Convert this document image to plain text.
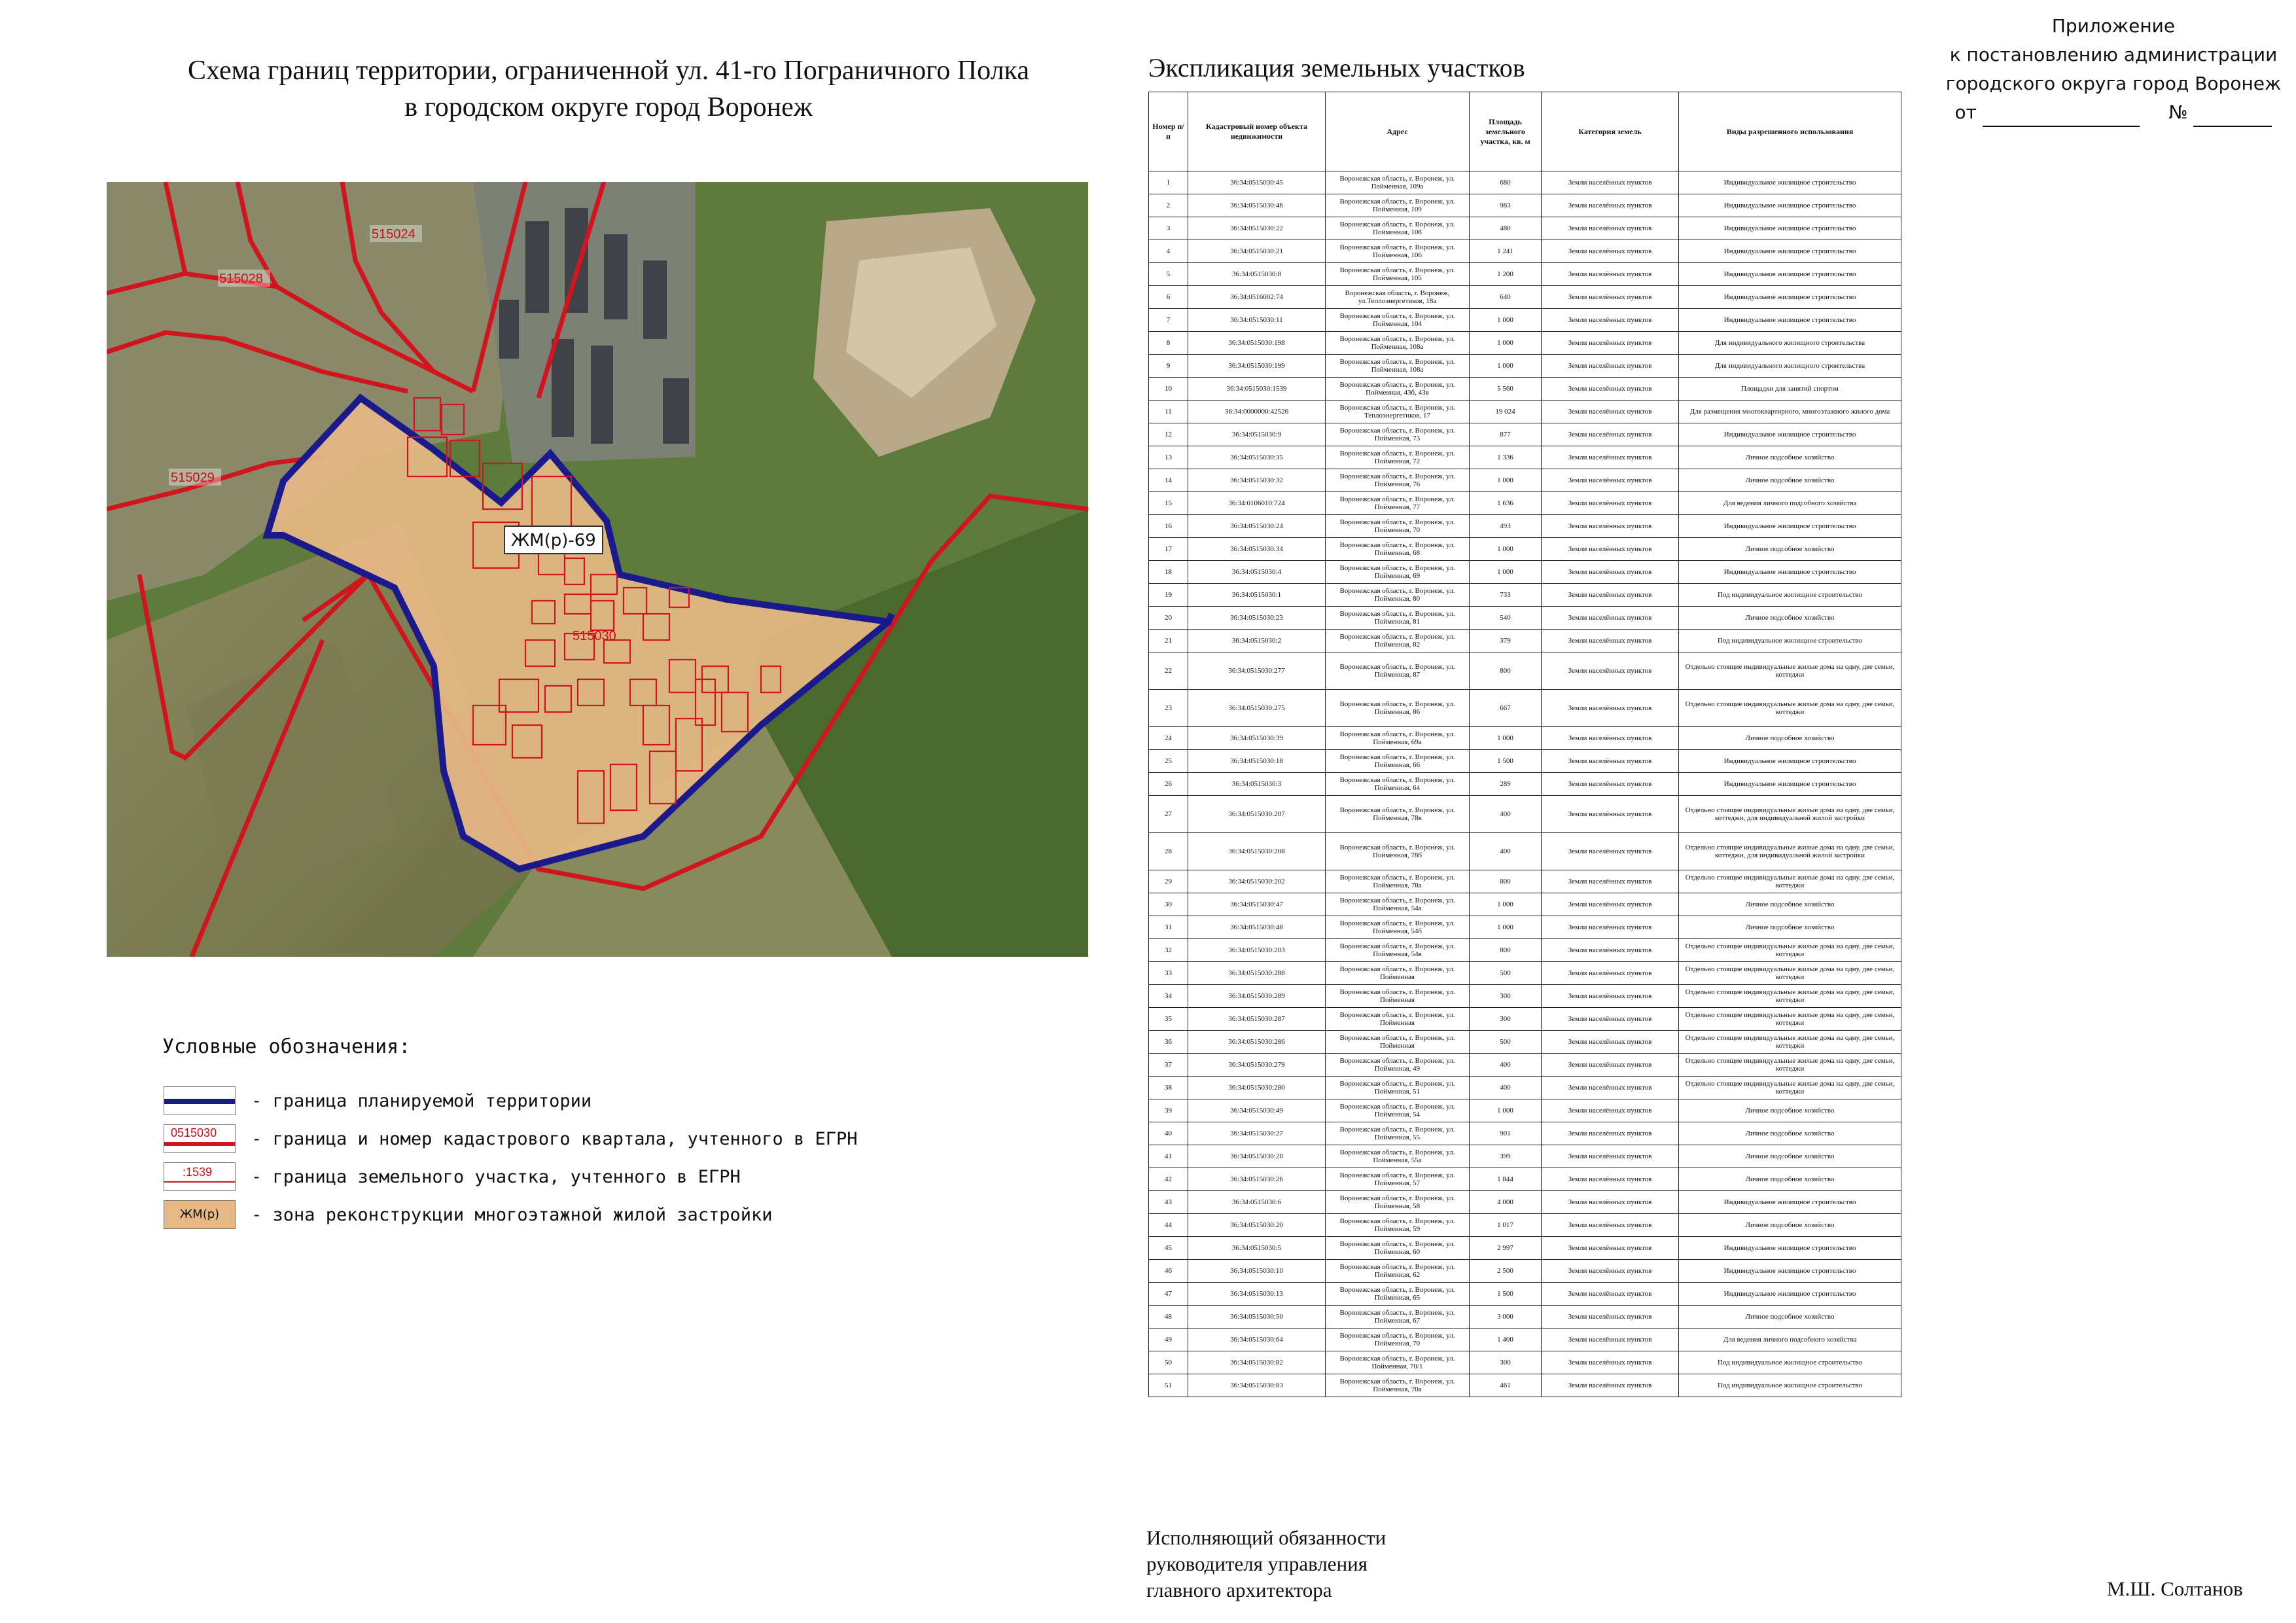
Схема границ территории, ограниченной ул. 41-го Пограничного Полка
в городском округе город Воронеж
Приложение
к постановлению администрации
городского округа город Воронеж
от	№
515024
515028
515029
515030
ЖМ(р)-69
Условные обозначения:
- граница планируемой территории
0515030 - граница и номер кадастрового квартала, учтенного в ЕГРН
:1539 - граница земельного участка, учтенного в ЕГРН
ЖМ(р)	- зона реконструкции многоэтажной жилой застройки
Экспликация земельных участков
Номер п/п	Кадастровый номер объекта недвижимости	Адрес	Площадь земельного участка, кв. м	Категория земель	Виды разрешенного использования
1	36:34:0515030:45	Воронежская область, г. Воронеж, ул. Пойменная, 109а	680	Земли населённых пунктов	Индивидуальное жилищное строительство
2	36:34:0515030:46	Воронежская область, г. Воронеж, ул. Пойменная, 109	983	Земли населённых пунктов	Индивидуальное жилищное строительство
3	36:34:0515030:22	Воронежская область, г. Воронеж, ул. Пойменная, 108	480	Земли населённых пунктов	Индивидуальное жилищное строительство
4	36:34:0515030:21	Воронежская область, г. Воронеж, ул. Пойменная, 106	1 241	Земли населённых пунктов	Индивидуальное жилищное строительство
5	36:34:0515030:8	Воронежская область, г. Воронеж, ул. Пойменная, 105	1 200	Земли населённых пунктов	Индивидуальное жилищное строительство
6	36:34:0516002:74	Воронежская область, г. Воронеж, ул.Теплоэнергетиков, 18а	640	Земли населённых пунктов	Индивидуальное жилищное строительство
7	36:34:0515030:11	Воронежская область, г. Воронеж, ул. Пойменная, 104	1 000	Земли населённых пунктов	Индивидуальное жилищное строительство
8	36:34:0515030:198	Воронежская область, г. Воронеж, ул. Пойменная, 108а	1 000	Земли населённых пунктов	Для индивидуального жилищного строительства
9	36:34:0515030:199	Воронежская область, г. Воронеж, ул. Пойменная, 108а	1 000	Земли населённых пунктов	Для индивидуального жилищного строительства
10	36:34:0515030:1539	Воронежская область, г. Воронеж, ул. Пойменная, 43б, 43в	5 560	Земли населённых пунктов	Площадки для занятий спортом
11	36:34:0000000:42526	Воронежская область, г. Воронеж, ул. Теплоэнергетиков, 17	19 024	Земли населённых пунктов	Для размещения многоквартирного, многоэтажного жилого дома
12	36:34:0515030:9	Воронежская область, г. Воронеж, ул. Пойменная, 73	877	Земли населённых пунктов	Индивидуальное жилищное строительство
13	36:34:0515030:35	Воронежская область, г. Воронеж, ул. Пойменная, 72	1 336	Земли населённых пунктов	Личное подсобное хозяйство
14	36:34:0515030:32	Воронежская область, г. Воронеж, ул. Пойменная, 76	1 000	Земли населённых пунктов	Личное подсобное хозяйство
15	36:34:0106010:724	Воронежская область, г. Воронеж, ул. Пойменная, 77	1 636	Земли населённых пунктов	Для ведения личного подсобного хозяйства
16	36:34:0515030:24	Воронежская область, г. Воронеж, ул. Пойменная, 70	493	Земли населённых пунктов	Индивидуальное жилищное строительство
17	36:34:0515030:34	Воронежская область, г. Воронеж, ул. Пойменная, 68	1 000	Земли населённых пунктов	Личное подсобное хозяйство
18	36:34:0515030:4	Воронежская область, г. Воронеж, ул. Пойменная, 69	1 000	Земли населённых пунктов	Индивидуальное жилищное строительство
19	36:34:0515030:1	Воронежская область, г. Воронеж, ул. Пойменная, 80	733	Земли населённых пунктов	Под индивидуальное жилищное строительство
20	36:34:0515030:23	Воронежская область, г. Воронеж, ул. Пойменная, 81	540	Земли населённых пунктов	Личное подсобное хозяйство
21	36:34:0515030:2	Воронежская область, г. Воронеж, ул. Пойменная, 82	379	Земли населённых пунктов	Под индивидуальное жилищное строительство
22	36:34:0515030:277	Воронежская область, г. Воронеж, ул. Пойменная, 87	800	Земли населённых пунктов	Отдельно стоящие индивидуальные жилые дома на одну, две семьи, коттеджи
23	36:34:0515030:275	Воронежская область, г. Воронеж, ул. Пойменная, 86	667	Земли населённых пунктов	Отдельно стоящие индивидуальные жилые дома на одну, две семьи, коттеджи
24	36:34:0515030:39	Воронежская область, г. Воронеж, ул. Пойменная, 69а	1 000	Земли населённых пунктов	Личное подсобное хозяйство
25	36:34:0515030:18	Воронежская область, г. Воронеж, ул. Пойменная, 66	1 500	Земли населённых пунктов	Индивидуальное жилищное строительство
26	36:34:0515030:3	Воронежская область, г. Воронеж, ул. Пойменная, 64	289	Земли населённых пунктов	Индивидуальное жилищное строительство
27	36:34:0515030:207	Воронежская область, г. Воронеж, ул. Пойменная, 78в	400	Земли населённых пунктов	Отдельно стоящие индивидуальные жилые дома на одну, две семьи, коттеджи, для индивидуальной жилой застройки
28	36:34:0515030:208	Воронежская область, г. Воронеж, ул. Пойменная, 78б	400	Земли населённых пунктов	Отдельно стоящие индивидуальные жилые дома на одну, две семьи, коттеджи, для индивидуальной жилой застройки
29	36:34:0515030:202	Воронежская область, г. Воронеж, ул. Пойменная, 78а	800	Земли населённых пунктов	Отдельно стоящие индивидуальные жилые дома на одну, две семьи, коттеджи
30	36:34:0515030:47	Воронежская область, г. Воронеж, ул. Пойменная, 54а	1 000	Земли населённых пунктов	Личное подсобное хозяйство
31	36:34:0515030:48	Воронежская область, г. Воронеж, ул. Пойменная, 54б	1 000	Земли населённых пунктов	Личное подсобное хозяйство
32	36:34:0515030:203	Воронежская область, г. Воронеж, ул. Пойменная, 54в	800	Земли населённых пунктов	Отдельно стоящие индивидуальные жилые дома на одну, две семьи, коттеджи
33	36:34:0515030:288	Воронежская область, г. Воронеж, ул. Пойменная	500	Земли населённых пунктов	Отдельно стоящие индивидуальные жилые дома на одну, две семьи, коттеджи
34	36:34:0515030:289	Воронежская область, г. Воронеж, ул. Пойменная	300	Земли населённых пунктов	Отдельно стоящие индивидуальные жилые дома на одну, две семьи, коттеджи
35	36:34:0515030:287	Воронежская область, г. Воронеж, ул. Пойменная	300	Земли населённых пунктов	Отдельно стоящие индивидуальные жилые дома на одну, две семьи, коттеджи
36	36:34:0515030:286	Воронежская область, г. Воронеж, ул. Пойменная	500	Земли населённых пунктов	Отдельно стоящие индивидуальные жилые дома на одну, две семьи, коттеджи
37	36:34:0515030:279	Воронежская область, г. Воронеж, ул. Пойменная, 49	400	Земли населённых пунктов	Отдельно стоящие индивидуальные жилые дома на одну, две семьи, коттеджи
38	36:34:0515030:280	Воронежская область, г. Воронеж, ул. Пойменная, 51	400	Земли населённых пунктов	Отдельно стоящие индивидуальные жилые дома на одну, две семьи, коттеджи
39	36:34:0515030:49	Воронежская область, г. Воронеж, ул. Пойменная, 54	1 000	Земли населённых пунктов	Личное подсобное хозяйство
40	36:34:0515030:27	Воронежская область, г. Воронеж, ул. Пойменная, 55	901	Земли населённых пунктов	Личное подсобное хозяйство
41	36:34:0515030:28	Воронежская область, г. Воронеж, ул. Пойменная, 55а	399	Земли населённых пунктов	Личное подсобное хозяйство
42	36:34:0515030:26	Воронежская область, г. Воронеж, ул. Пойменная, 57	1 844	Земли населённых пунктов	Личное подсобное хозяйство
43	36:34:0515030:6	Воронежская область, г. Воронеж, ул. Пойменная, 58	4 000	Земли населённых пунктов	Индивидуальное жилищное строительство
44	36:34:0515030:20	Воронежская область, г. Воронеж, ул. Пойменная, 59	1 017	Земли населённых пунктов	Личное подсобное хозяйство
45	36:34:0515030:5	Воронежская область, г. Воронеж, ул. Пойменная, 60	2 997	Земли населённых пунктов	Индивидуальное жилищное строительство
46	36:34:0515030:10	Воронежская область, г. Воронеж, ул. Пойменная, 62	2 500	Земли населённых пунктов	Индивидуальное жилищное строительство
47	36:34:0515030:13	Воронежская область, г. Воронеж, ул. Пойменная, 65	1 500	Земли населённых пунктов	Индивидуальное жилищное строительство
48	36:34:0515030:50	Воронежская область, г. Воронеж, ул. Пойменная, 67	3 000	Земли населённых пунктов	Личное подсобное хозяйство
49	36:34:0515030:64	Воронежская область, г. Воронеж, ул. Пойменная, 70	1 400	Земли населённых пунктов	Для ведения личного подсобного хозяйства
50	36:34:0515030:82	Воронежская область, г. Воронеж, ул. Пойменная, 70/1	300	Земли населённых пунктов	Под индивидуальное жилищное строительство
51	36:34:0515030:83	Воронежская область, г. Воронеж, ул. Пойменная, 70а	461	Земли населённых пунктов	Под индивидуальное жилищное строительство
Исполняющий обязанности
руководителя управления
главного архитектора	М.Ш. Солтанов
